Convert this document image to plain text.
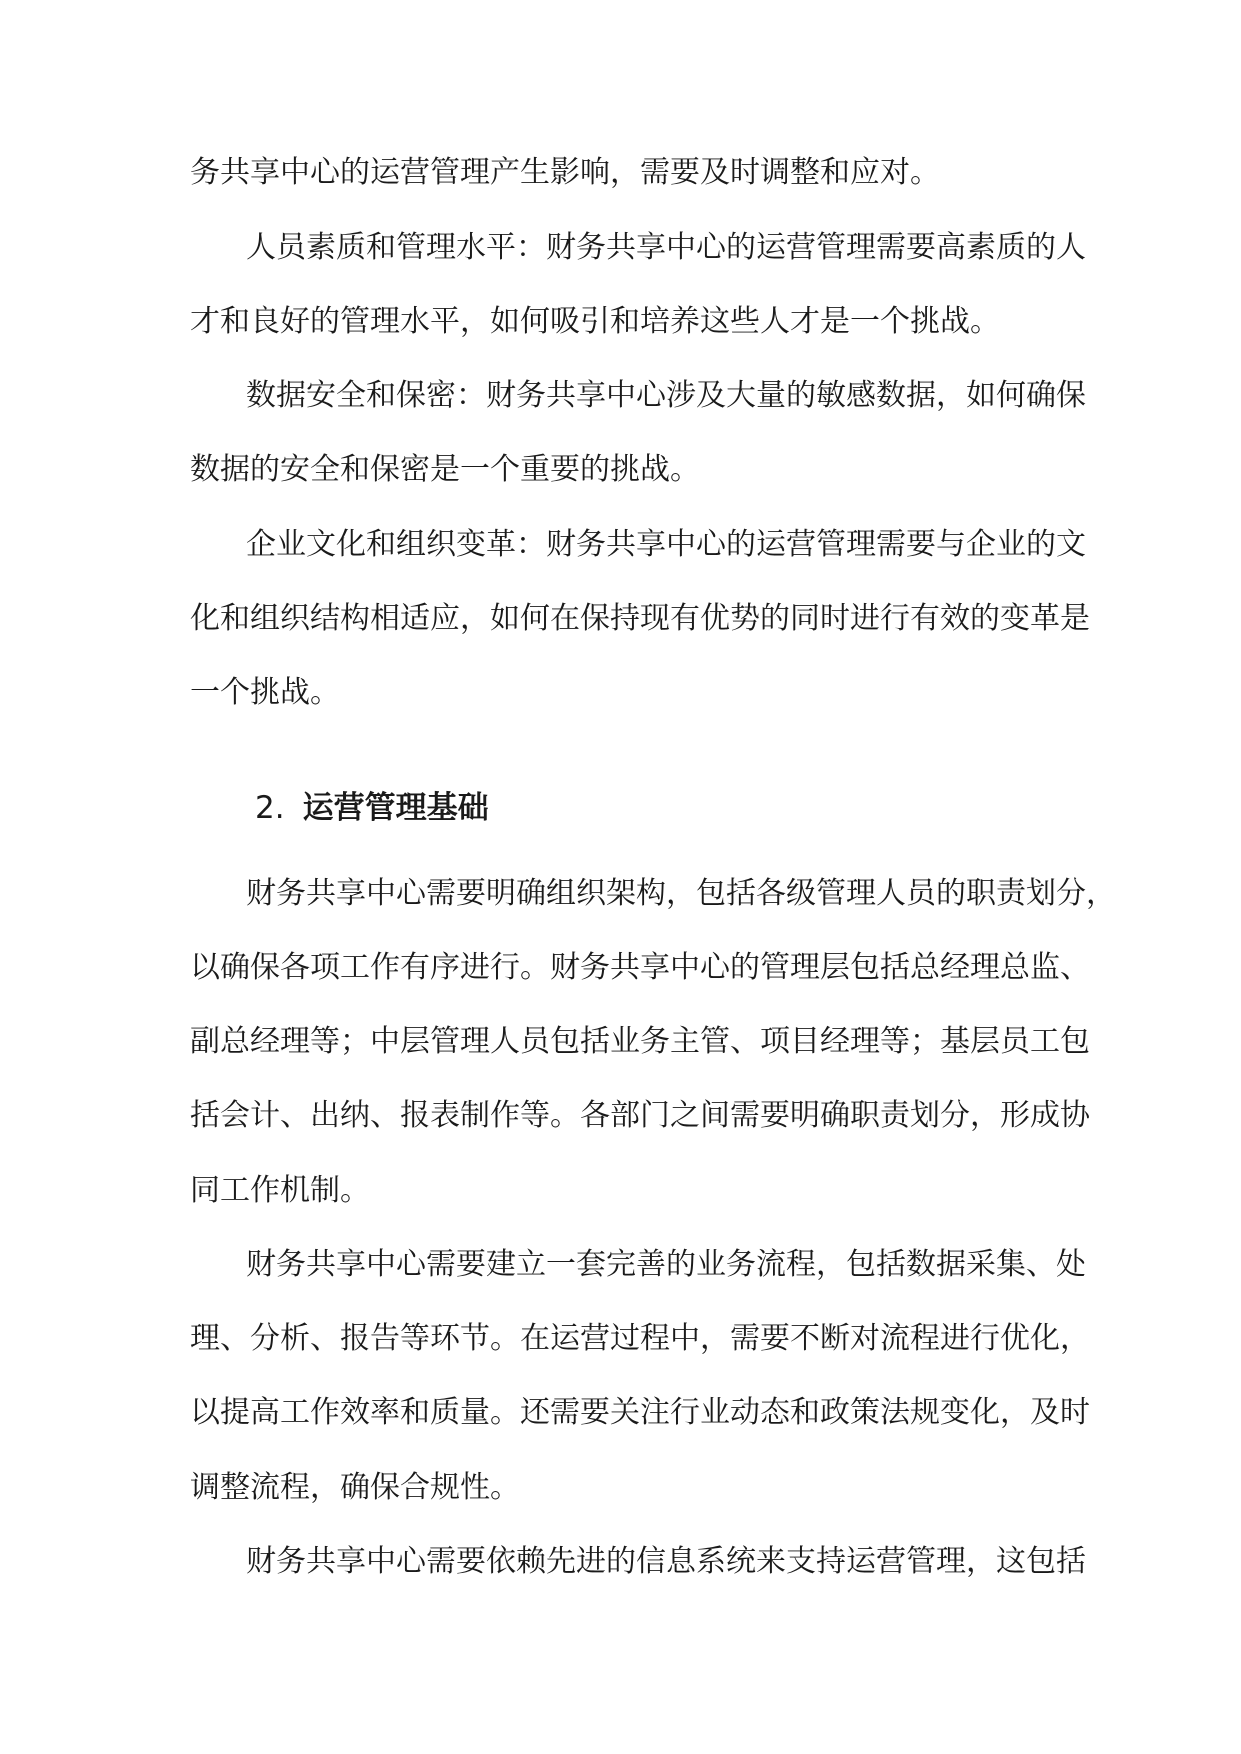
务共享中心的运营管理产生影响，需要及时调整和应对。

人员素质和管理水平：财务共享中心的运营管理需要高素质的人

才和良好的管理水平，如何吸引和培养这些人才是一个挑战。

数据安全和保密：财务共享中心涉及大量的敏感数据，如何确保

数据的安全和保密是一个重要的挑战。

企业文化和组织变革：财务共享中心的运营管理需要与企业的文

化和组织结构相适应，如何在保持现有优势的同时进行有效的变革是

一个挑战。

2. 运营管理基础

财务共享中心需要明确组织架构，包括各级管理人员的职责划分，

以确保各项工作有序进行。财务共享中心的管理层包括总经理总监、

副总经理等；中层管理人员包括业务主管、项目经理等；基层员工包

括会计、出纳、报表制作等。各部门之间需要明确职责划分，形成协

同工作机制。

财务共享中心需要建立一套完善的业务流程，包括数据采集、处

理、分析、报告等环节。在运营过程中，需要不断对流程进行优化，

以提高工作效率和质量。还需要关注行业动态和政策法规变化，及时

调整流程，确保合规性。

财务共享中心需要依赖先进的信息系统来支持运营管理，这包括
